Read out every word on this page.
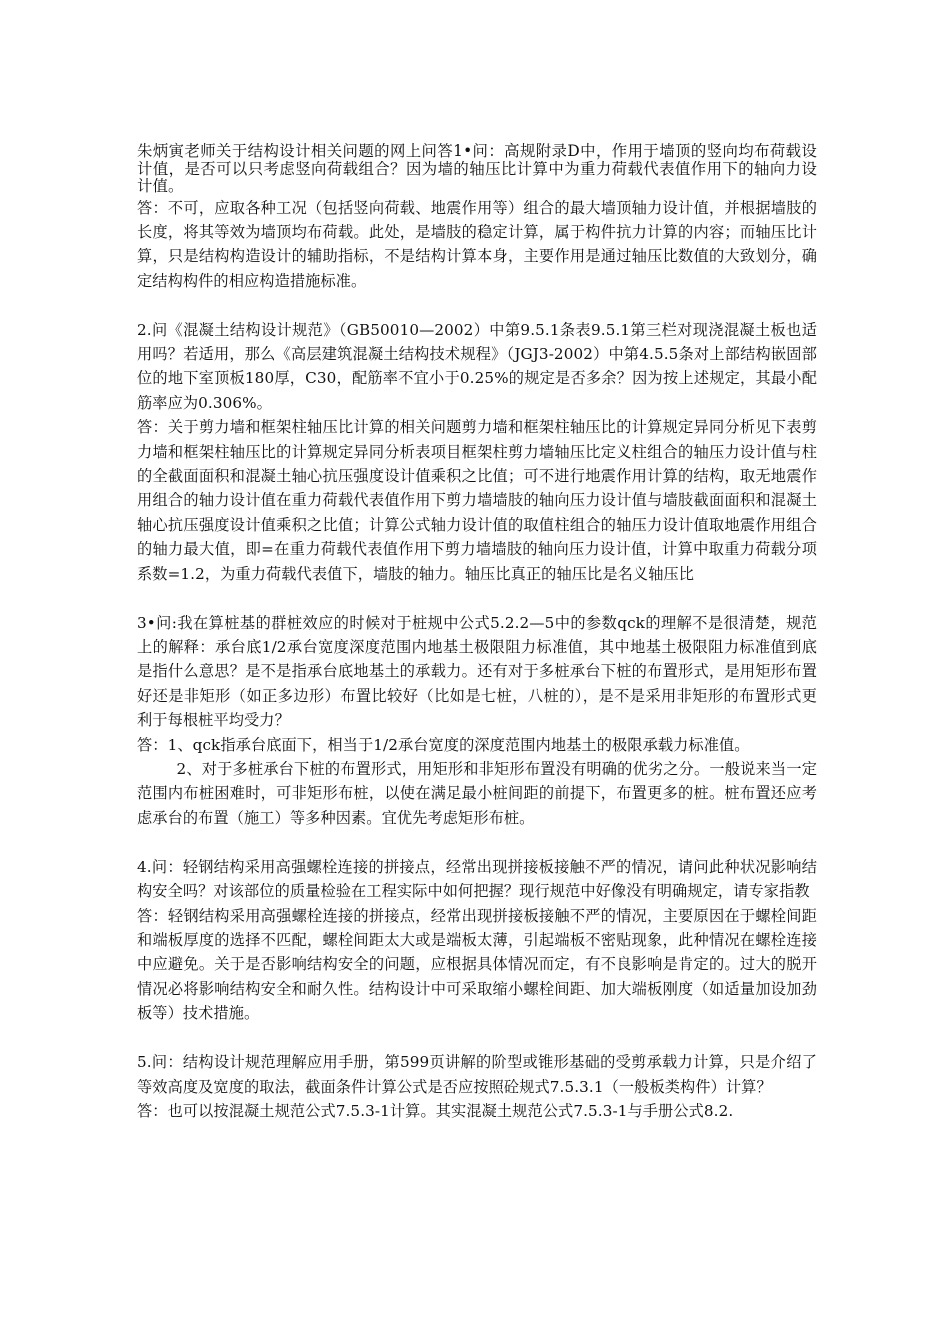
朱炳寅老师关于结构设计相关问题的网上问答1•问：高规附录D中，作用于墙顶的竖向均布荷载设计值，是否可以只考虑竖向荷载组合？因为墙的轴压比计算中为重力荷载代表值作用下的轴向力设计值。

答：不可，应取各种工况（包括竖向荷载、地震作用等）组合的最大墙顶轴力设计值，并根据墙肢的长度，将其等效为墙顶均布荷载。此处，是墙肢的稳定计算，属于构件抗力计算的内容；而轴压比计算，只是结构构造设计的辅助指标，不是结构计算本身，主要作用是通过轴压比数值的大致划分，确定结构构件的相应构造措施标准。

2.问《混凝土结构设计规范》（GB50010—2002）中第9.5.1条表9.5.1第三栏对现浇混凝土板也适用吗？若适用，那么《高层建筑混凝土结构技术规程》（JGJ3-2002）中第4.5.5条对上部结构嵌固部位的地下室顶板180厚，C30，配筋率不宜小于0.25%的规定是否多余？因为按上述规定，其最小配筋率应为0.306%。

答：关于剪力墙和框架柱轴压比计算的相关问题剪力墙和框架柱轴压比的计算规定异同分析见下表剪力墙和框架柱轴压比的计算规定异同分析表项目框架柱剪力墙轴压比定义柱组合的轴压力设计值与柱的全截面面积和混凝土轴心抗压强度设计值乘积之比值；可不进行地震作用计算的结构，取无地震作用组合的轴力设计值在重力荷载代表值作用下剪力墙墙肢的轴向压力设计值与墙肢截面面积和混凝土轴心抗压强度设计值乘积之比值；计算公式轴力设计值的取值柱组合的轴压力设计值取地震作用组合的轴力最大值，即=在重力荷载代表值作用下剪力墙墙肢的轴向压力设计值，计算中取重力荷载分项系数=1.2，为重力荷载代表值下，墙肢的轴力。轴压比真正的轴压比是名义轴压比

3•问:我在算桩基的群桩效应的时候对于桩规中公式5.2.2—5中的参数qck的理解不是很清楚，规范上的解释：承台底1/2承台宽度深度范围内地基土极限阻力标准值，其中地基土极限阻力标准值到底是指什么意思？是不是指承台底地基土的承载力。还有对于多桩承台下桩的布置形式，是用矩形布置好还是非矩形（如正多边形）布置比较好（比如是七桩，八桩的），是不是采用非矩形的布置形式更利于每根桩平均受力？

答：1、qck指承台底面下，相当于1/2承台宽度的深度范围内地基土的极限承载力标准值。

2、对于多桩承台下桩的布置形式，用矩形和非矩形布置没有明确的优劣之分。一般说来当一定范围内布桩困难时，可非矩形布桩，以使在满足最小桩间距的前提下，布置更多的桩。桩布置还应考虑承台的布置（施工）等多种因素。宜优先考虑矩形布桩。

4.问：轻钢结构采用高强螺栓连接的拼接点，经常出现拼接板接触不严的情况，请问此种状况影响结构安全吗？对该部位的质量检验在工程实际中如何把握？现行规范中好像没有明确规定，请专家指教

答：轻钢结构采用高强螺栓连接的拼接点，经常出现拼接板接触不严的情况，主要原因在于螺栓间距和端板厚度的选择不匹配，螺栓间距太大或是端板太薄，引起端板不密贴现象，此种情况在螺栓连接中应避免。关于是否影响结构安全的问题，应根据具体情况而定，有不良影响是肯定的。过大的脱开情况必将影响结构安全和耐久性。结构设计中可采取缩小螺栓间距、加大端板刚度（如适量加设加劲板等）技术措施。

5.问：结构设计规范理解应用手册，第599页讲解的阶型或锥形基础的受剪承载力计算，只是介绍了等效高度及宽度的取法，截面条件计算公式是否应按照砼规式7.5.3.1（一般板类构件）计算？

答：也可以按混凝土规范公式7.5.3-1计算。其实混凝土规范公式7.5.3-1与手册公式8.2.
